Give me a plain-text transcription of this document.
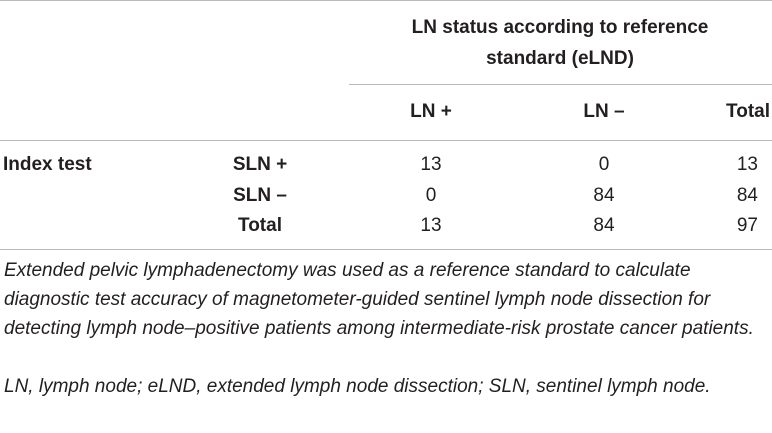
LN status according to reference
standard (eLND)
LN +	LN –	Total
Index test	SLN +	13	0	13
SLN –	0	84	84
Total	13	84	97
Extended pelvic lymphadenectomy was used as a reference standard to calculate diagnostic test accuracy of magnetometer-guided sentinel lymph node dissection for detecting lymph node–positive patients among intermediate-risk prostate cancer patients.
LN, lymph node; eLND, extended lymph node dissection; SLN, sentinel lymph node.
